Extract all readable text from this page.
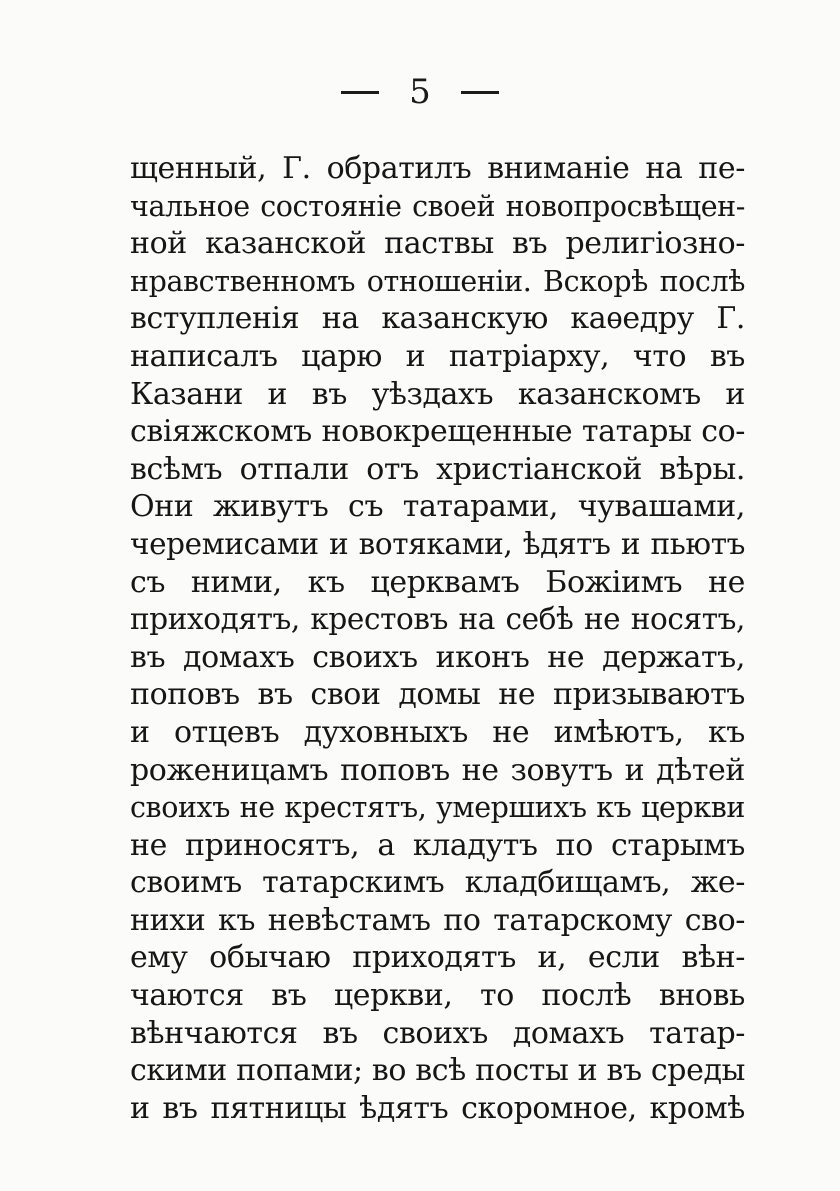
5
щенный, Г. обратилъ вниманіе на пе-
чальное состояніе своей новопросвѣщен-
ной казанской паствы въ религіозно-
нравственномъ отношеніи. Вскорѣ послѣ
вступленія на казанскую каѳедру Г.
написалъ царю и патріарху, что въ
Казани и въ уѣздахъ казанскомъ и
свіяжскомъ новокрещенные татары со-
всѣмъ отпали отъ христіанской вѣры.
Они живутъ съ татарами, чувашами,
черемисами и вотяками, ѣдятъ и пьютъ
съ ними, къ церквамъ Божіимъ не
приходятъ, крестовъ на себѣ не носятъ,
въ домахъ своихъ иконъ не держатъ,
поповъ въ свои домы не призываютъ
и отцевъ духовныхъ не имѣютъ, къ
роженицамъ поповъ не зовутъ и дѣтей
своихъ не крестятъ, умершихъ къ церкви
не приносятъ, а кладутъ по старымъ
своимъ татарскимъ кладбищамъ, же-
нихи къ невѣстамъ по татарскому сво-
ему обычаю приходятъ и, если вѣн-
чаются въ церкви, то послѣ вновь
вѣнчаются въ своихъ домахъ татар-
скими попами; во всѣ посты и въ среды
и въ пятницы ѣдятъ скоромное, кромѣ
